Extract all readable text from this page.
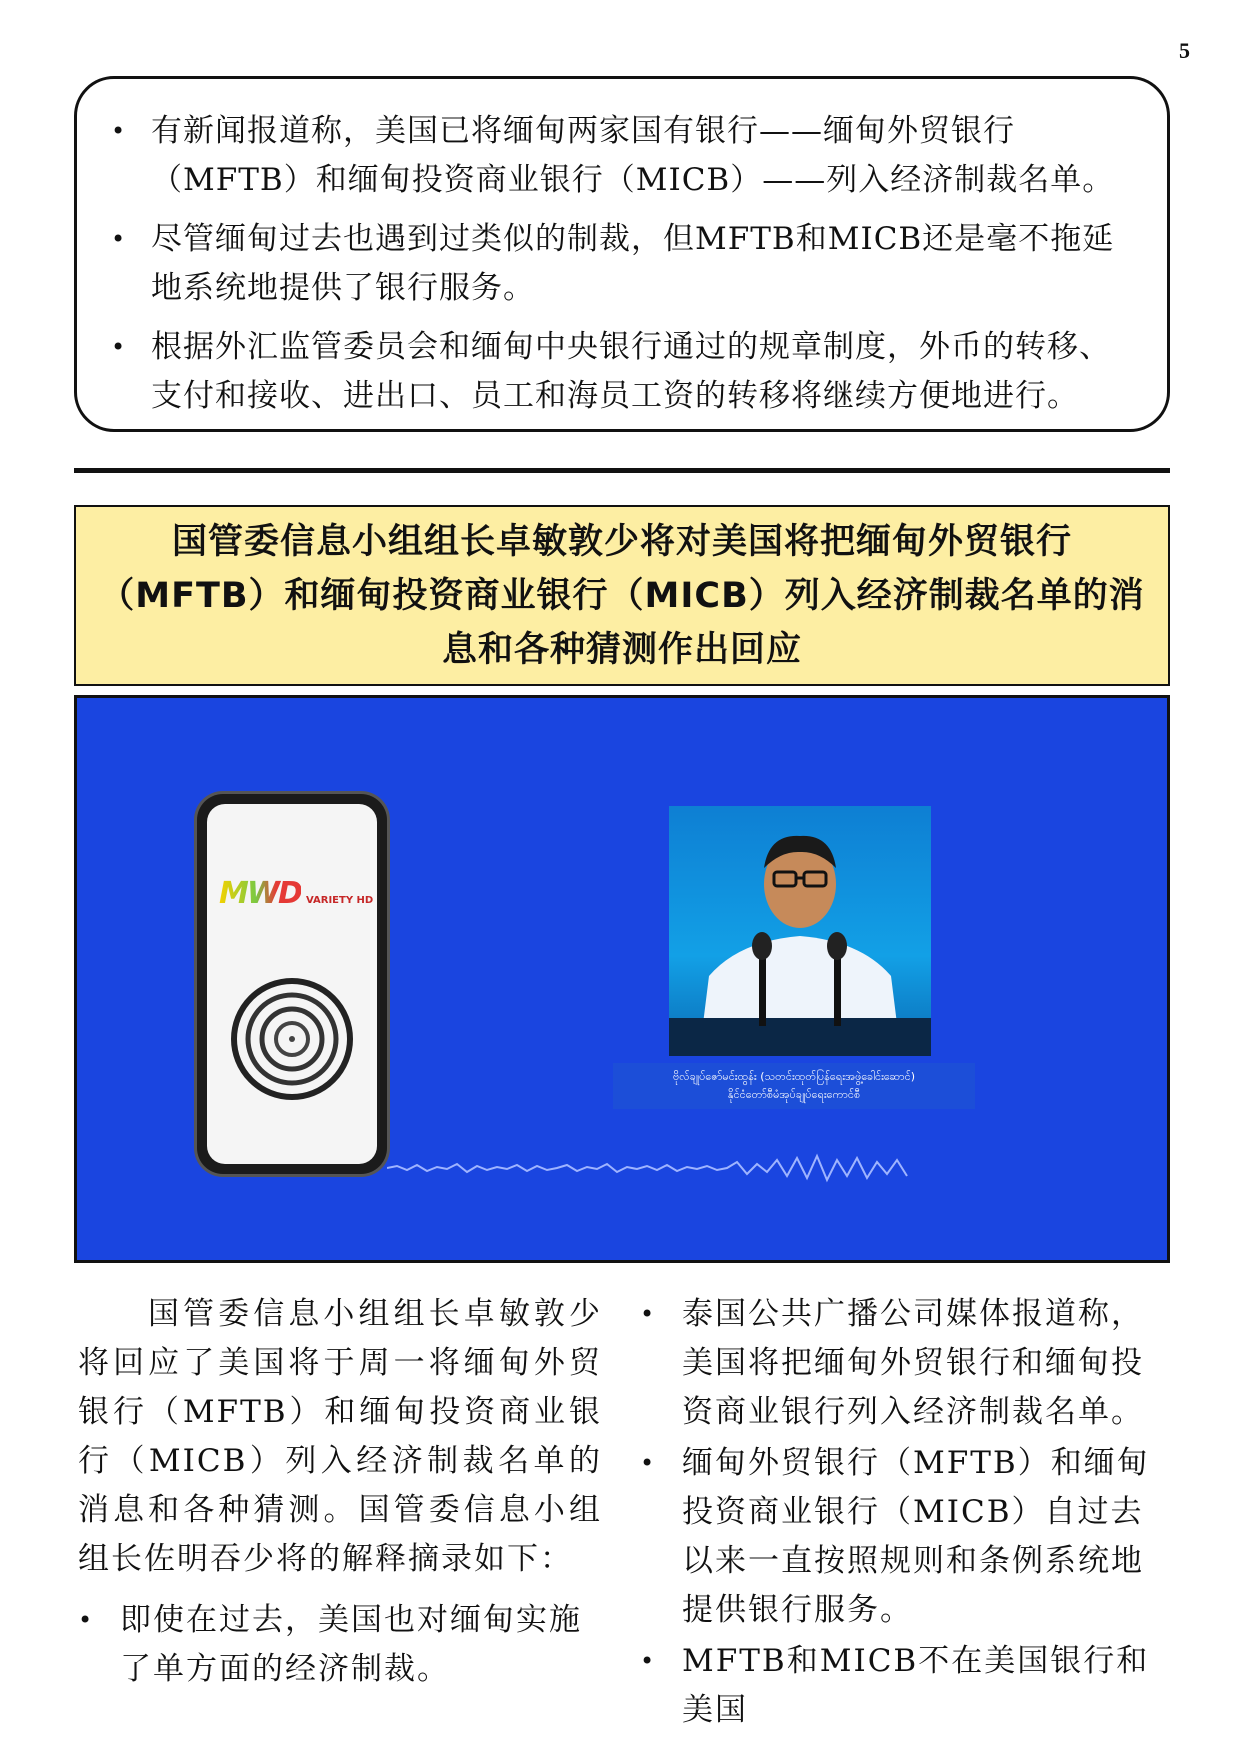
5
• 有新闻报道称，美国已将缅甸两家国有银行——缅甸外贸银行（MFTB）和缅甸投资商业银行（MICB）——列入经济制裁名单。
• 尽管缅甸过去也遇到过类似的制裁，但MFTB和MICB还是毫不拖延地系统地提供了银行服务。
• 根据外汇监管委员会和缅甸中央银行通过的规章制度，外币的转移、支付和接收、进出口、员工和海员工资的转移将继续方便地进行。
国管委信息小组组长卓敏敦少将对美国将把缅甸外贸银行（MFTB）和缅甸投资商业银行（MICB）列入经济制裁名单的消息和各种猜测作出回应
MWD VARIETY HD
ဗိုလ်ချုပ်ဇော်မင်းထွန်း (သတင်းထုတ်ပြန်ရေးအဖွဲ့ခေါင်းဆောင်)
နိုင်ငံတော်စီမံအုပ်ချုပ်ရေးကောင်စီ

国管委信息小组组长卓敏敦少将回应了美国将于周一将缅甸外贸银行（MFTB）和缅甸投资商业银行（MICB）列入经济制裁名单的消息和各种猜测。国管委信息小组组长佐明吞少将的解释摘录如下：

• 即使在过去，美国也对缅甸实施了单方面的经济制裁。
• 泰国公共广播公司媒体报道称，美国将把缅甸外贸银行和缅甸投资商业银行列入经济制裁名单。
• 缅甸外贸银行（MFTB）和缅甸投资商业银行（MICB）自过去以来一直按照规则和条例系统地提供银行服务。
• MFTB和MICB不在美国银行和美国
